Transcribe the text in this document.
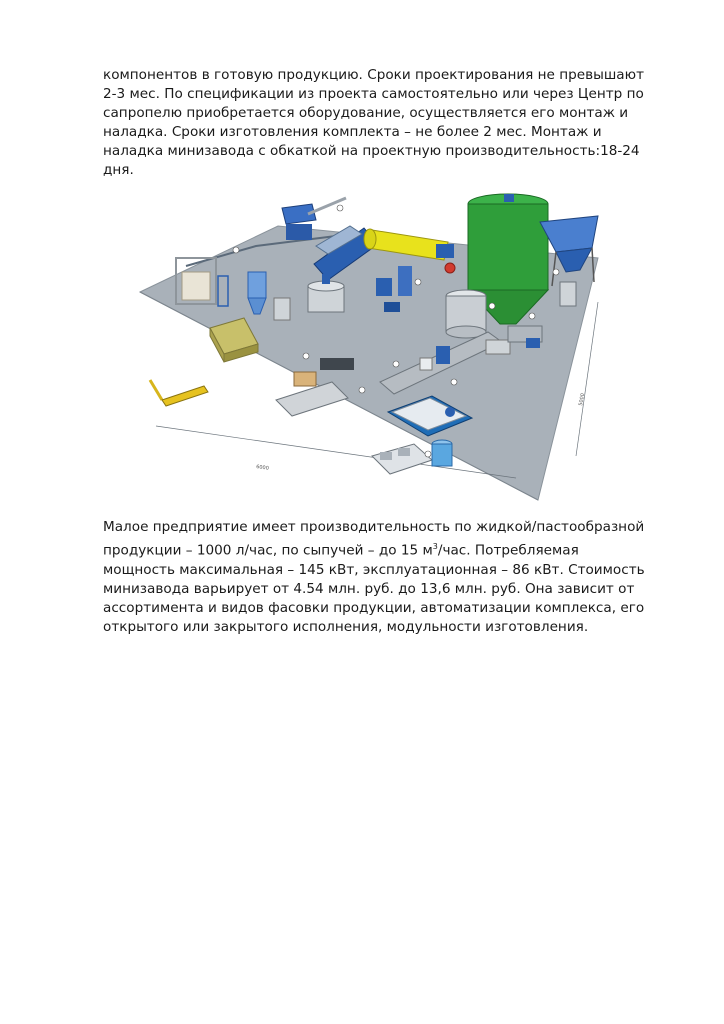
компонентов в готовую продукцию. Сроки проектирования не превышают
2-3 мес. По спецификации из проекта самостоятельно или через Центр по
сапропелю приобретается оборудование, осуществляется его монтаж и
наладка. Сроки изготовления комплекта – не более 2 мес. Монтаж и
наладка минизавода с обкаткой на проектную производительность:18-24
дня.

6000
5000

Малое предприятие имеет производительность по жидкой/пастообразной
продукции – 1000 л/час, по сыпучей – до 15 $м^3$/час. Потребляемая
мощность максимальная – 145 кВт, эксплуатационная – 86 кВт. Стоимость
минизавода варьирует от 4.54 млн. руб. до 13,6 млн. руб. Она зависит от
ассортимента и видов фасовки продукции, автоматизации комплекса, его
открытого или закрытого исполнения, модульности изготовления.
